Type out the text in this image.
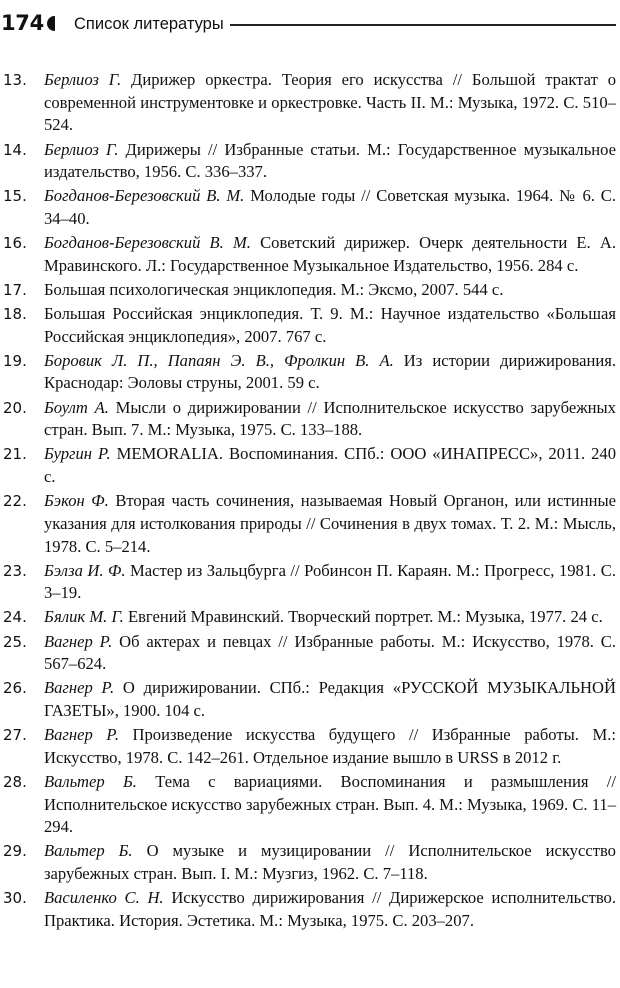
174 Список литературы
13. Берлиоз Г. Дирижер оркестра. Теория его искусства // Большой трактат о современной инструментовке и оркестровке. Часть II. М.: Музыка, 1972. С. 510–524.
14. Берлиоз Г. Дирижеры // Избранные статьи. М.: Государственное музыкальное издательство, 1956. С. 336–337.
15. Богданов-Березовский В. М. Молодые годы // Советская музыка. 1964. № 6. С. 34–40.
16. Богданов-Березовский В. М. Советский дирижер. Очерк деятельности Е. А. Мравинского. Л.: Государственное Музыкальное Издательство, 1956. 284 с.
17. Большая психологическая энциклопедия. М.: Эксмо, 2007. 544 с.
18. Большая Российская энциклопедия. Т. 9. М.: Научное издательство «Большая Российская энциклопедия», 2007. 767 с.
19. Боровик Л. П., Папаян Э. В., Фролкин В. А. Из истории дирижирования. Краснодар: Эоловы струны, 2001. 59 с.
20. Боулт А. Мысли о дирижировании // Исполнительское искусство зарубежных стран. Вып. 7. М.: Музыка, 1975. С. 133–188.
21. Бургин Р. MEMORALIA. Воспоминания. СПб.: ООО «ИНАПРЕСС», 2011. 240 с.
22. Бэкон Ф. Вторая часть сочинения, называемая Новый Органон, или истинные указания для истолкования природы // Сочинения в двух томах. Т. 2. М.: Мысль, 1978. С. 5–214.
23. Бэлза И. Ф. Мастер из Зальцбурга // Робинсон П. Караян. М.: Прогресс, 1981. С. 3–19.
24. Бялик М. Г. Евгений Мравинский. Творческий портрет. М.: Музыка, 1977. 24 с.
25. Вагнер Р. Об актерах и певцах // Избранные работы. М.: Искусство, 1978. С. 567–624.
26. Вагнер Р. О дирижировании. СПб.: Редакция «РУССКОЙ МУЗЫКАЛЬНОЙ ГАЗЕТЫ», 1900. 104 с.
27. Вагнер Р. Произведение искусства будущего // Избранные работы. М.: Искусство, 1978. С. 142–261. Отдельное издание вышло в URSS в 2012 г.
28. Вальтер Б. Тема с вариациями. Воспоминания и размышления // Исполнительское искусство зарубежных стран. Вып. 4. М.: Музыка, 1969. С. 11–294.
29. Вальтер Б. О музыке и музицировании // Исполнительское искусство зарубежных стран. Вып. I. М.: Музгиз, 1962. С. 7–118.
30. Василенко С. Н. Искусство дирижирования // Дирижерское исполнительство. Практика. История. Эстетика. М.: Музыка, 1975. С. 203–207.
